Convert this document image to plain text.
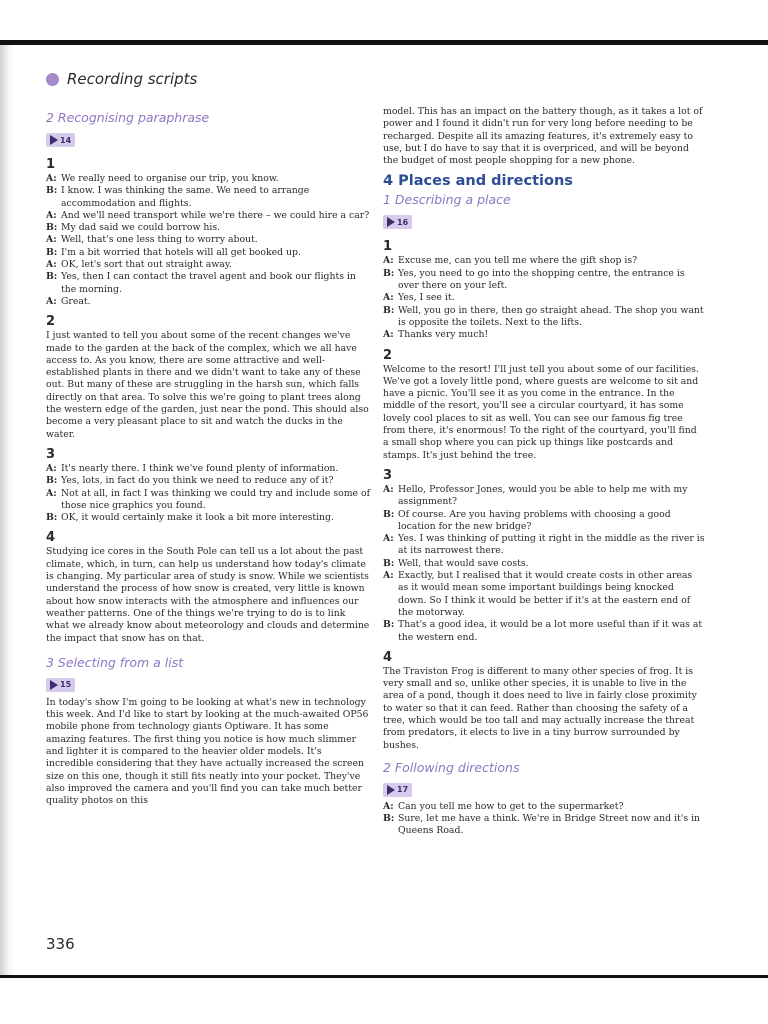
Recording scripts
2 Recognising paraphrase
14
1
A: We really need to organise our trip, you know.
B: I know. I was thinking the same. We need to arrange accommodation and flights.
A: And we'll need transport while we're there – we could hire a car?
B: My dad said we could borrow his.
A: Well, that's one less thing to worry about.
B: I'm a bit worried that hotels will all get booked up.
A: OK, let's sort that out straight away.
B: Yes, then I can contact the travel agent and book our flights in the morning.
A: Great.
2

I just wanted to tell you about some of the recent changes we've made to the garden at the back of the complex, which we all have access to. As you know, there are some attractive and well-established plants in there and we didn't want to take any of these out. But many of these are struggling in the harsh sun, which falls directly on that area. To solve this we're going to plant trees along the western edge of the garden, just near the pond. This should also become a very pleasant place to sit and watch the ducks in the water.

3
A: It's nearly there. I think we've found plenty of information.
B: Yes, lots, in fact do you think we need to reduce any of it?
A: Not at all, in fact I was thinking we could try and include some of those nice graphics you found.
B: OK, it would certainly make it look a bit more interesting.
4

Studying ice cores in the South Pole can tell us a lot about the past climate, which, in turn, can help us understand how today's climate is changing. My particular area of study is snow. While we scientists understand the process of how snow is created, very little is known about how snow interacts with the atmosphere and influences our weather patterns. One of the things we're trying to do is to link what we already know about meteorology and clouds and determine the impact that snow has on that.

3 Selecting from a list
15

In today's show I'm going to be looking at what's new in technology this week. And I'd like to start by looking at the much-awaited OP56 mobile phone from technology giants Optiware. It has some amazing features. The first thing you notice is how much slimmer and lighter it is compared to the heavier older models. It's incredible considering that they have actually increased the screen size on this one, though it still fits neatly into your pocket. They've also improved the camera and you'll find you can take much better quality photos on this

model. This has an impact on the battery though, as it takes a lot of power and I found it didn't run for very long before needing to be recharged. Despite all its amazing features, it's extremely easy to use, but I do have to say that it is overpriced, and will be beyond the budget of most people shopping for a new phone.

4 Places and directions
1 Describing a place
16
1
A: Excuse me, can you tell me where the gift shop is?
B: Yes, you need to go into the shopping centre, the entrance is over there on your left.
A: Yes, I see it.
B: Well, you go in there, then go straight ahead. The shop you want is opposite the toilets. Next to the lifts.
A: Thanks very much!
2

Welcome to the resort! I'll just tell you about some of our facilities. We've got a lovely little pond, where guests are welcome to sit and have a picnic. You'll see it as you come in the entrance. In the middle of the resort, you'll see a circular courtyard, it has some lovely cool places to sit as well. You can see our famous fig tree from there, it's enormous! To the right of the courtyard, you'll find a small shop where you can pick up things like postcards and stamps. It's just behind the tree.

3
A: Hello, Professor Jones, would you be able to help me with my assignment?
B: Of course. Are you having problems with choosing a good location for the new bridge?
A: Yes. I was thinking of putting it right in the middle as the river is at its narrowest there.
B: Well, that would save costs.
A: Exactly, but I realised that it would create costs in other areas as it would mean some important buildings being knocked down. So I think it would be better if it's at the eastern end of the motorway.
B: That's a good idea, it would be a lot more useful than if it was at the western end.
4

The Traviston Frog is different to many other species of frog. It is very small and so, unlike other species, it is unable to live in the area of a pond, though it does need to live in fairly close proximity to water so that it can feed. Rather than choosing the safety of a tree, which would be too tall and may actually increase the threat from predators, it elects to live in a tiny burrow surrounded by bushes.

2 Following directions
17
A: Can you tell me how to get to the supermarket?
B: Sure, let me have a think. We're in Bridge Street now and it's in Queens Road.
336
